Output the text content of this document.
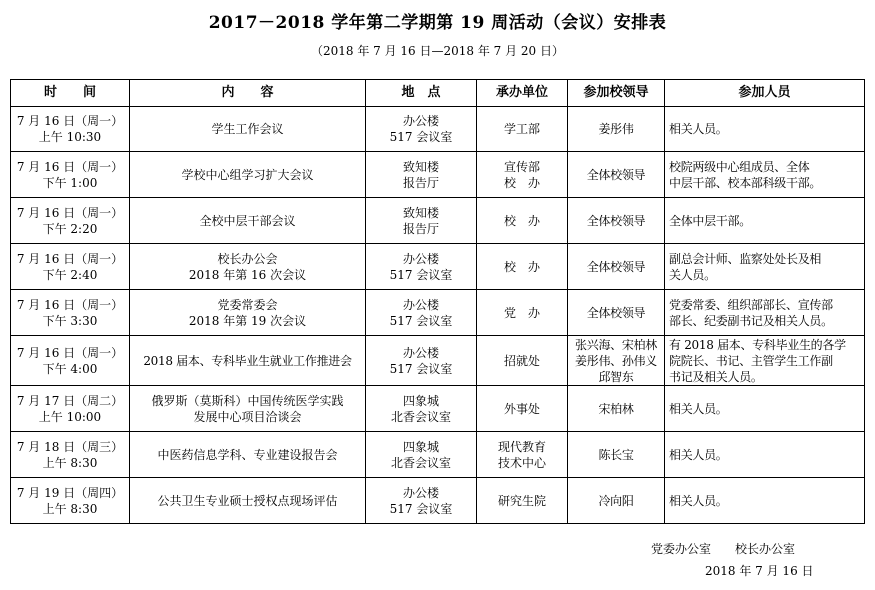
2017－2018 学年第二学期第 19 周活动（会议）安排表
（2018 年 7 月 16 日—2018 年 7 月 20 日）
时　　间	内　　容	地　点	承办单位	参加校领导	参加人员

7 月 16 日（周一）
上午 10:30	学生工作会议	办公楼
517 会议室	学工部	姜彤伟	相关人员。

7 月 16 日（周一）
下午 1:00	学校中心组学习扩大会议	致知楼
报告厅	宣传部
校　办	全体校领导	校院两级中心组成员、全体
中层干部、校本部科级干部。

7 月 16 日（周一）
下午 2:20	全校中层干部会议	致知楼
报告厅	校　办	全体校领导	全体中层干部。

7 月 16 日（周一）
下午 2:40	校长办公会
2018 年第 16 次会议	办公楼
517 会议室	校　办	全体校领导	副总会计师、监察处处长及相
关人员。

7 月 16 日（周一）
下午 3:30	党委常委会
2018 年第 19 次会议	办公楼
517 会议室	党　办	全体校领导	党委常委、组织部部长、宣传部
部长、纪委副书记及相关人员。

7 月 16 日（周一）
下午 4:00	2018 届本、专科毕业生就业工作推进会	办公楼
517 会议室	招就处	张兴海、宋柏林
姜彤伟、孙伟义
邱智东	有 2018 届本、专科毕业生的各学
院院长、书记、主管学生工作副
书记及相关人员。

7 月 17 日（周二）
上午 10:00	俄罗斯（莫斯科）中国传统医学实践
发展中心项目洽谈会	四象城
北香会议室	外事处	宋柏林	相关人员。

7 月 18 日（周三）
上午 8:30	中医药信息学科、专业建设报告会	四象城
北香会议室	现代教育
技术中心	陈长宝	相关人员。

7 月 19 日（周四）
上午 8:30	公共卫生专业硕士授权点现场评估	办公楼
517 会议室	研究生院	冷向阳	相关人员。
党委办公室　　校长办公室
2018 年 7 月 16 日
